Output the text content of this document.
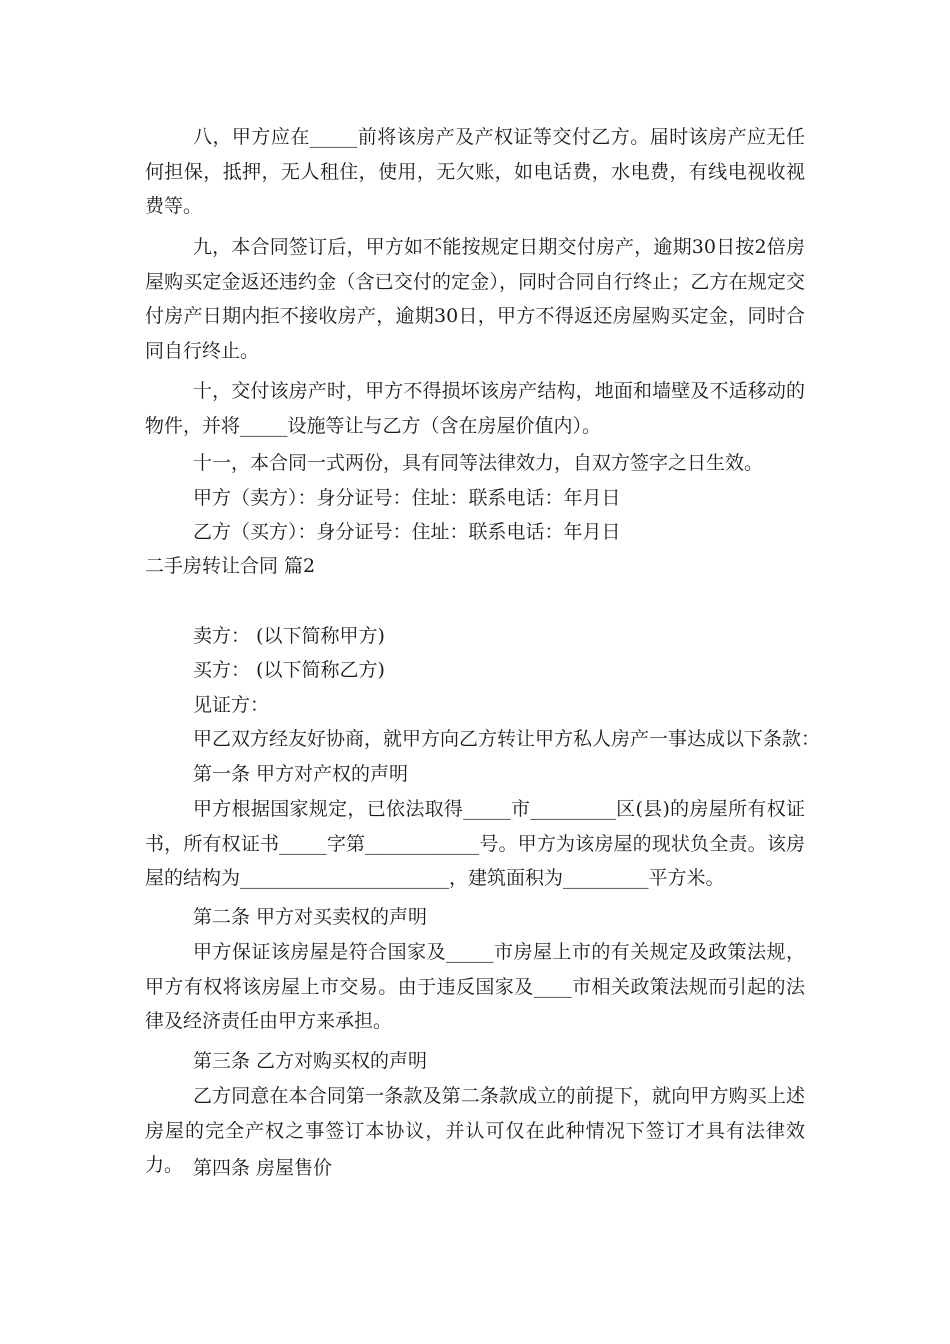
八，甲方应在_____前将该房产及产权证等交付乙方。届时该房产应无任何担保，抵押，无人租住，使用，无欠账，如电话费，水电费，有线电视收视费等。

九，本合同签订后，甲方如不能按规定日期交付房产，逾期30日按2倍房屋购买定金返还违约金（含已交付的定金），同时合同自行终止；乙方在规定交付房产日期内拒不接收房产，逾期30日，甲方不得返还房屋购买定金，同时合同自行终止。

十，交付该房产时，甲方不得损坏该房产结构，地面和墙壁及不适移动的物件，并将_____设施等让与乙方（含在房屋价值内）。

十一，本合同一式两份，具有同等法律效力，自双方签字之日生效。

甲方（卖方）：身分证号：住址：联系电话：年月日

乙方（买方）：身分证号：住址：联系电话：年月日

二手房转让合同 篇2

卖方： (以下简称甲方)

买方： (以下简称乙方)

见证方：

甲乙双方经友好协商，就甲方向乙方转让甲方私人房产一事达成以下条款：

第一条 甲方对产权的声明

甲方根据国家规定，已依法取得_____市_________区(县)的房屋所有权证书，所有权证书_____字第____________号。甲方为该房屋的现状负全责。该房屋的结构为______________________，建筑面积为_________平方米。

第二条 甲方对买卖权的声明

甲方保证该房屋是符合国家及_____市房屋上市的有关规定及政策法规，甲方有权将该房屋上市交易。由于违反国家及____市相关政策法规而引起的法律及经济责任由甲方来承担。

第三条 乙方对购买权的声明

乙方同意在本合同第一条款及第二条款成立的前提下，就向甲方购买上述房屋的完全产权之事签订本协议，并认可仅在此种情况下签订才具有法律效力。 第四条 房屋售价
